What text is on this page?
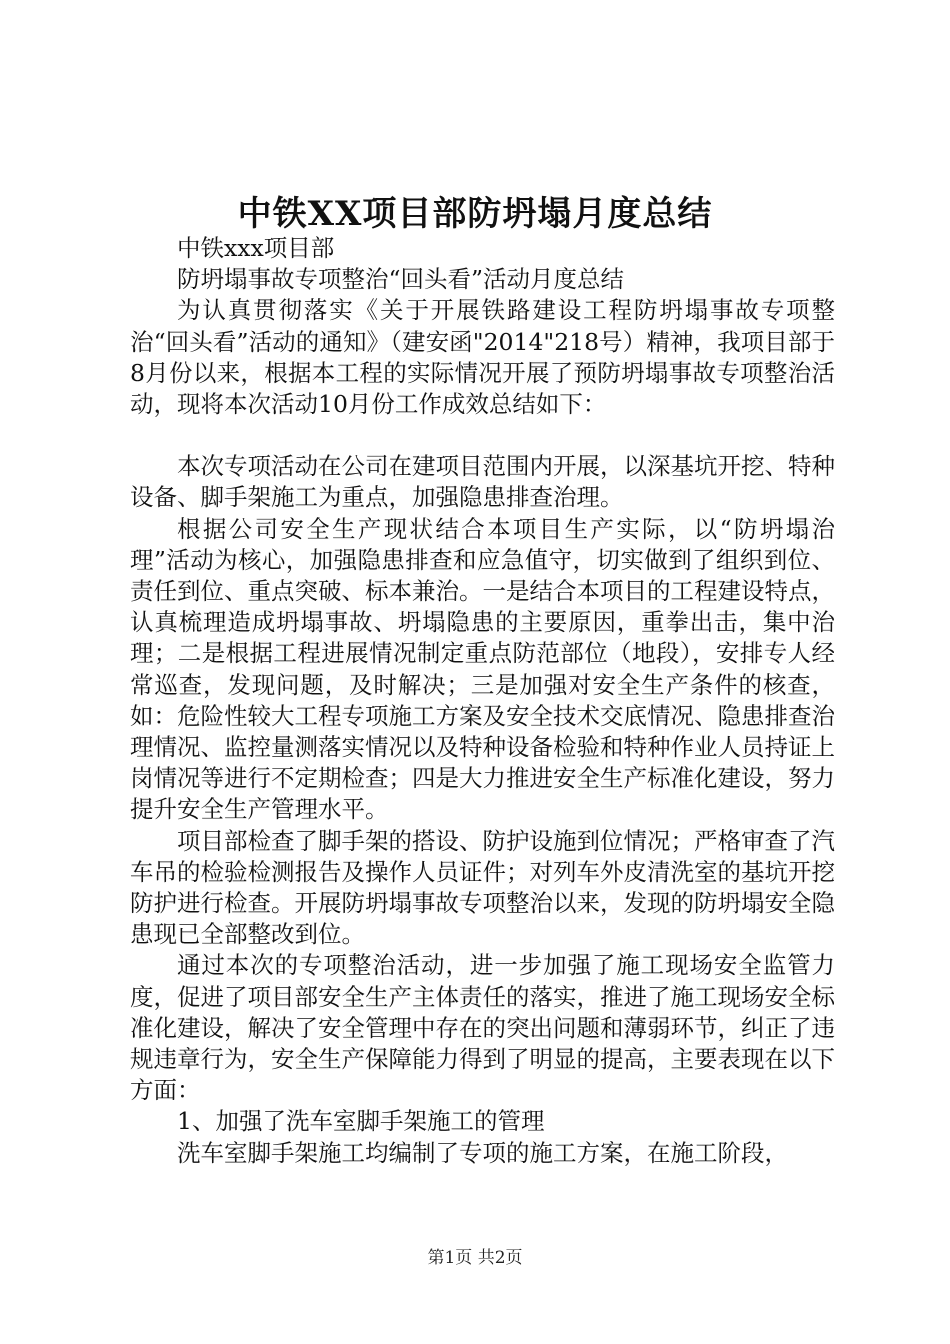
中铁XX项目部防坍塌月度总结

中铁xxx项目部

防坍塌事故专项整治“回头看”活动月度总结

为认真贯彻落实《关于开展铁路建设工程防坍塌事故专项整治“回头看”活动的通知》（建安函"2014"218号）精神，我项目部于8月份以来，根据本工程的实际情况开展了预防坍塌事故专项整治活动，现将本次活动10月份工作成效总结如下：

本次专项活动在公司在建项目范围内开展，以深基坑开挖、特种设备、脚手架施工为重点，加强隐患排查治理。

根据公司安全生产现状结合本项目生产实际，以“防坍塌治理”活动为核心，加强隐患排查和应急值守，切实做到了组织到位、责任到位、重点突破、标本兼治。一是结合本项目的工程建设特点，认真梳理造成坍塌事故、坍塌隐患的主要原因，重拳出击，集中治理；二是根据工程进展情况制定重点防范部位（地段），安排专人经常巡查，发现问题，及时解决；三是加强对安全生产条件的核查，如：危险性较大工程专项施工方案及安全技术交底情况、隐患排查治理情况、监控量测落实情况以及特种设备检验和特种作业人员持证上岗情况等进行不定期检查；四是大力推进安全生产标准化建设，努力提升安全生产管理水平。

项目部检查了脚手架的搭设、防护设施到位情况；严格审查了汽车吊的检验检测报告及操作人员证件；对列车外皮清洗室的基坑开挖防护进行检查。开展防坍塌事故专项整治以来，发现的防坍塌安全隐患现已全部整改到位。

通过本次的专项整治活动，进一步加强了施工现场安全监管力度，促进了项目部安全生产主体责任的落实，推进了施工现场安全标准化建设，解决了安全管理中存在的突出问题和薄弱环节，纠正了违规违章行为，安全生产保障能力得到了明显的提高，主要表现在以下方面：

1、加强了洗车室脚手架施工的管理

洗车室脚手架施工均编制了专项的施工方案，在施工阶段，

第1页 共2页
